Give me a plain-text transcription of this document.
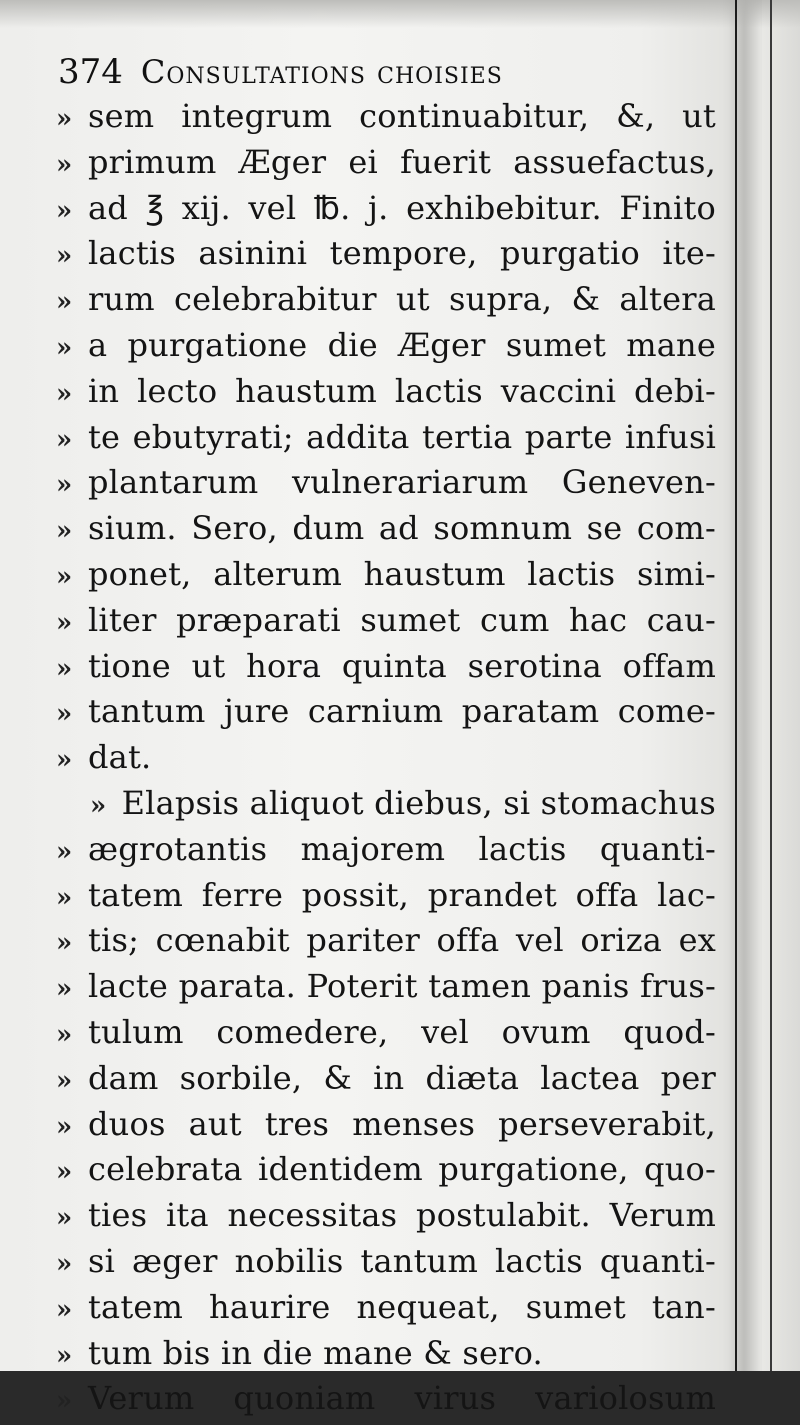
374 Consultations choisies
» sem integrum continuabitur, &, ut
» primum Æger ei fuerit assuefactus,
» ad ℥ xij. vel ℔. j. exhibebitur. Finito
» lactis asinini tempore, purgatio ite-
» rum celebrabitur ut supra, & altera
» a purgatione die Æger sumet mane
» in lecto haustum lactis vaccini debi-
» te ebutyrati; addita tertia parte infusi
» plantarum vulnerariarum Geneven-
» sium. Sero, dum ad somnum se com-
» ponet, alterum haustum lactis simi-
» liter præparati sumet cum hac cau-
» tione ut hora quinta serotina offam
» tantum jure carnium paratam come-
» dat.
» Elapsis aliquot diebus, si stomachus
» ægrotantis majorem lactis quanti-
» tatem ferre possit, prandet offa lac-
» tis; cœnabit pariter offa vel oriza ex
» lacte parata. Poterit tamen panis frus-
» tulum comedere, vel ovum quod-
» dam sorbile, & in diæta lactea per
» duos aut tres menses perseverabit,
» celebrata identidem purgatione, quo-
» ties ita necessitas postulabit. Verum
» si æger nobilis tantum lactis quanti-
» tatem haurire nequeat, sumet tan-
» tum bis in die mane & sero.
» Verum quoniam virus variolosum
